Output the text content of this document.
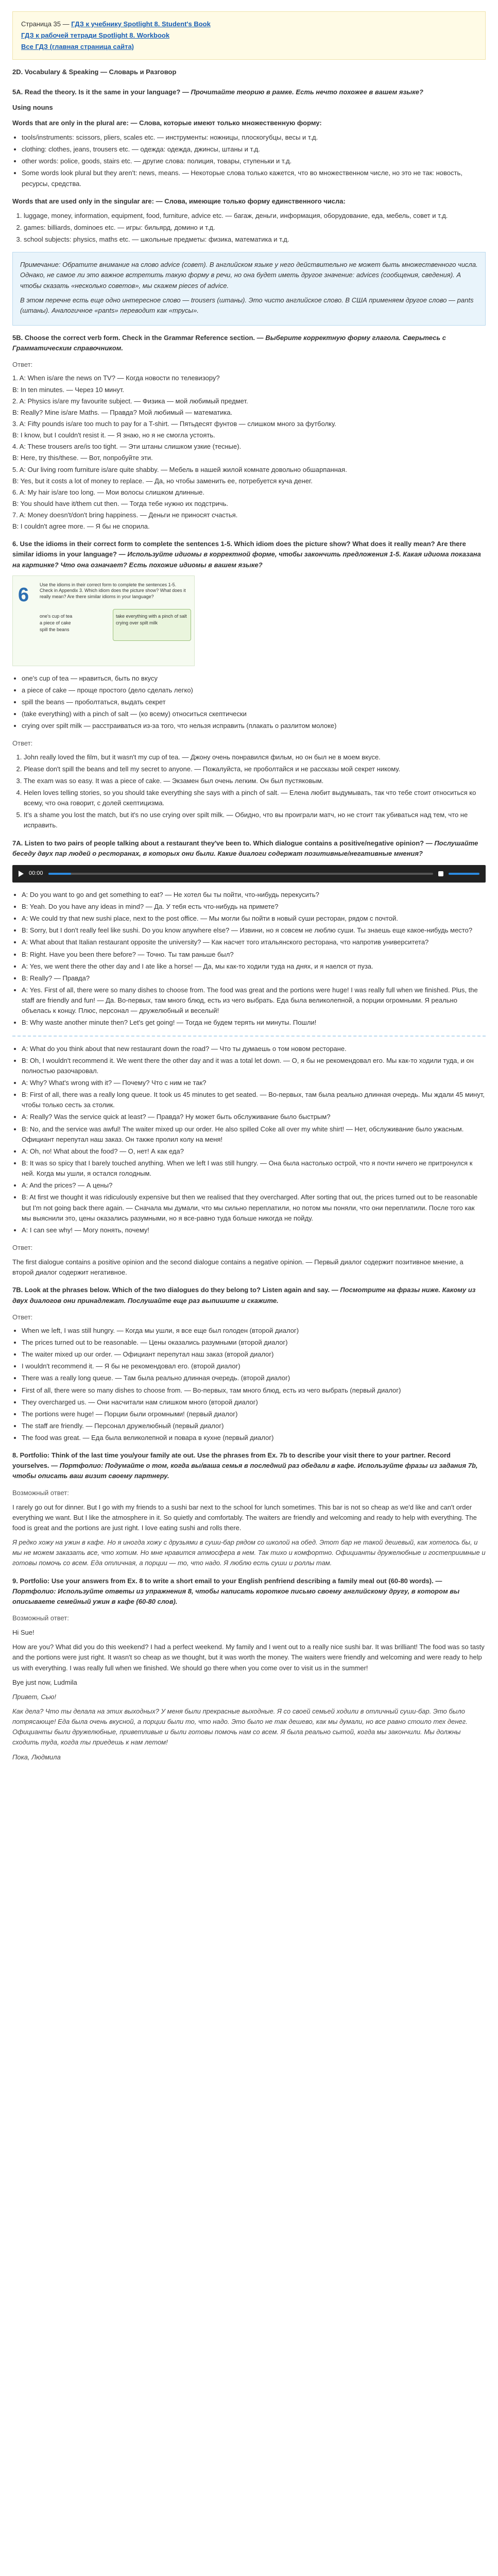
Страница 35 — ГДЗ к учебнику Spotlight 8. Student's Book
ГДЗ к рабочей тетради Spotlight 8. Workbook
Все ГДЗ (главная страница сайта)
2D. Vocabulary & Speaking — Словарь и Разговор
5A. Read the theory. Is it the same in your language? — Прочитайте теорию в рамке. Есть нечто похожее в вашем языке?
Using nouns
Words that are only in the plural are: — Слова, которые имеют только множественную форму:
• tools/instruments: scissors, pliers, scales etc. — инструменты: ножницы, плоскогубцы, весы и т.д.
• clothing: clothes, jeans, trousers etc. — одежда: одежда, джинсы, штаны и т.д.
• other words: police, goods, stairs etc. — другие слова: полиция, товары, ступеньки и т.д.
• Some words look plural but they aren't: news, means. — Некоторые слова только кажется, что во множественном числе, но это не так: новость, ресурсы, средства.
Words that are used only in the singular are: — Слова, имеющие только форму единственного числа:
1. luggage, money, information, equipment, food, furniture, advice etc. — багаж, деньги, информация, оборудование, еда, мебель, совет и т.д.
2. games: billiards, dominoes etc. — игры: бильярд, домино и т.д.
3. school subjects: physics, maths etc. — школьные предметы: физика, математика и т.д.

Примечание: Обратите внимание на слово advice (совет). В английском языке у него действительно не может быть множественного числа. Однако, не самое ли это важное встретить такую форму в речи, но она будет иметь другое значение: advices (сообщения, сведения). А чтобы сказать «несколько советов», мы скажем pieces of advice.

В этом перечне есть еще одно интересное слово — trousers (штаны). Это чисто английское слово. В США применяем другое слово — pants (штаны). Аналогичное «pants» переводит как «трусы».

5B. Choose the correct verb form. Check in the Grammar Reference section. — Выберите корректную форму глагола. Сверьтесь с Грамматическим справочником.
Ответ:
1. A: When is/are the news on TV? — Когда новости по телевизору?
B: In ten minutes. — Через 10 минут.
2. A: Physics is/are my favourite subject. — Физика — мой любимый предмет.
B: Really? Mine is/are Maths. — Правда? Мой любимый — математика.
3. A: Fifty pounds is/are too much to pay for a T-shirt. — Пятьдесят фунтов — слишком много за футболку.
B: I know, but I couldn't resist it. — Я знаю, но я не смогла устоять.
4. A: These trousers are/is too tight. — Эти штаны слишком узкие (тесные).
B: Here, try this/these. — Вот, попробуйте эти.
5. A: Our living room furniture is/are quite shabby. — Мебель в нашей жилой комнате довольно обшарпанная.
B: Yes, but it costs a lot of money to replace. — Да, но чтобы заменить ее, потребуется куча денег.
6. A: My hair is/are too long. — Мои волосы слишком длинные.
B: You should have it/them cut then. — Тогда тебе нужно их подстричь.
7. A: Money doesn't/don't bring happiness. — Деньги не приносят счастья.
B: I couldn't agree more. — Я бы не спорила.
6. Use the idioms in their correct form to complete the sentences 1-5. Which idiom does the picture show? What does it really mean? Are there similar idioms in your language? — Используйте идиомы в корректной форме, чтобы закончить предложения 1-5. Какая идиома показана на картинке? Что она означает? Есть похожие идиомы в вашем языке?
6 Use the idioms in their correct form to complete the sentences 1-5. Check in Appendix 3. Which idiom does the picture show? What does it really mean? Are there similar idioms in your language?
one's cup of tea
a piece of cake
spill the beans
take everything with a pinch of salt
crying over spilt milk
• one's cup of tea — нравиться, быть по вкусу
• a piece of cake — проще простого (дело сделать легко)
• spill the beans — проболтаться, выдать секрет
• (take everything) with a pinch of salt — (ко всему) относиться скептически
• crying over spilt milk — расстраиваться из-за того, что нельзя исправить (плакать о разлитом молоке)
Ответ:
1. John really loved the film, but it wasn't my cup of tea. — Джону очень понравился фильм, но он был не в моем вкусе.
2. Please don't spill the beans and tell my secret to anyone. — Пожалуйста, не проболтайся и не рассказы мой секрет никому.
3. The exam was so easy. It was a piece of cake. — Экзамен был очень легким. Он был пустяковым.
4. Helen loves telling stories, so you should take everything she says with a pinch of salt. — Елена любит выдумывать, так что тебе стоит относиться ко всему, что она говорит, с долей скептицизма.
5. It's a shame you lost the match, but it's no use crying over spilt milk. — Обидно, что вы проиграли матч, но не стоит так убиваться над тем, что не исправить.
7A. Listen to two pairs of people talking about a restaurant they've been to. Which dialogue contains a positive/negative opinion? — Послушайте беседу двух пар людей о ресторанах, в которых они были. Какие диалоги содержат позитивные/негативные мнения?
00:00
• A: Do you want to go and get something to eat? — Не хотел бы ты пойти, что-нибудь перекусить?
• B: Yeah. Do you have any ideas in mind? — Да. У тебя есть что-нибудь на примете?
• A: We could try that new sushi place, next to the post office. — Мы могли бы пойти в новый суши ресторан, рядом с почтой.
• B: Sorry, but I don't really feel like sushi. Do you know anywhere else? — Извини, но я совсем не люблю суши. Ты знаешь еще какое-нибудь место?
• A: What about that Italian restaurant opposite the university? — Как насчет того итальянского ресторана, что напротив университета?
• B: Right. Have you been there before? — Точно. Ты там раньше был?
• A: Yes, we went there the other day and I ate like a horse! — Да, мы как-то ходили туда на днях, и я наелся от пуза.
• B: Really? — Правда?
• A: Yes. First of all, there were so many dishes to choose from. The food was great and the portions were huge! I was really full when we finished. Plus, the staff are friendly and fun! — Да. Во-первых, там много блюд, есть из чего выбрать. Еда была великолепной, а порции огромными. Я реально объелась к концу. Плюс, персонал — дружелюбный и веселый!
• B: Why waste another minute then? Let's get going! — Тогда не будем терять ни минуты. Пошли!
• A: What do you think about that new restaurant down the road? — Что ты думаешь о том новом ресторане.
• B: Oh, I wouldn't recommend it. We went there the other day and it was a total let down. — О, я бы не рекомендовал его. Мы как-то ходили туда, и он полностью разочаровал.
• A: Why? What's wrong with it? — Почему? Что с ним не так?
• B: First of all, there was a really long queue. It took us 45 minutes to get seated. — Во-первых, там была реально длинная очередь. Мы ждали 45 минут, чтобы только сесть за столик.
• A: Really? Was the service quick at least? — Правда? Ну может быть обслуживание было быстрым?
• B: No, and the service was awful! The waiter mixed up our order. He also spilled Coke all over my white shirt! — Нет, обслуживание было ужасным. Официант перепутал наш заказ. Он также пролил колу на меня!
• A: Oh, no! What about the food? — О, нет! А как еда?
• B: It was so spicy that I barely touched anything. When we left I was still hungry. — Она была настолько острой, что я почти ничего не притронулся к ней. Когда мы ушли, я остался голодным.
• A: And the prices? — А цены?
• B: At first we thought it was ridiculously expensive but then we realised that they overcharged. After sorting that out, the prices turned out to be reasonable but I'm not going back there again. — Сначала мы думали, что мы сильно переплатили, но потом мы поняли, что они переплатили. После того как мы выяснили это, цены оказались разумными, но я все-равно туда больше никогда не пойду.
• A: I can see why! — Могу понять, почему!
Ответ:

The first dialogue contains a positive opinion and the second dialogue contains a negative opinion. — Первый диалог содержит позитивное мнение, а второй диалог содержит негативное.

7B. Look at the phrases below. Which of the two dialogues do they belong to? Listen again and say. — Посмотрите на фразы ниже. Какому из двух диалогов они принадлежат. Послушайте еще раз выпишите и скажите.
Ответ:
• When we left, I was still hungry. — Когда мы ушли, я все еще был голоден (второй диалог)
• The prices turned out to be reasonable. — Цены оказались разумными (второй диалог)
• The waiter mixed up our order. — Официант перепутал наш заказ (второй диалог)
• I wouldn't recommend it. — Я бы не рекомендовал его. (второй диалог)
• There was a really long queue. — Там была реально длинная очередь. (второй диалог)
• First of all, there were so many dishes to choose from. — Во-первых, там много блюд, есть из чего выбрать (первый диалог)
• They overcharged us. — Они насчитали нам слишком много (второй диалог)
• The portions were huge! — Порции были огромными! (первый диалог)
• The staff are friendly. — Персонал дружелюбный (первый диалог)
• The food was great. — Еда была великолепной и повара в кухне (первый диалог)
8. Portfolio: Think of the last time you/your family ate out. Use the phrases from Ex. 7b to describe your visit there to your partner. Record yourselves. — Портфолио: Подумайте о том, когда вы/ваша семья в последний раз обедали в кафе. Используйте фразы из задания 7b, чтобы описать ваш визит своему партнеру.
Возможный ответ:

I rarely go out for dinner. But I go with my friends to a sushi bar next to the school for lunch sometimes. This bar is not so cheap as we'd like and can't order everything we want. But I like the atmosphere in it. So quietly and comfortably. The waiters are friendly and welcoming and ready to help with everything. The food is great and the portions are just right. I love eating sushi and rolls there.

Я редко хожу на ужин в кафе. Но я иногда хожу с друзьями в суши-бар рядом со школой на обед. Этот бар не такой дешевый, как хотелось бы, и мы не можем заказать все, что хотим. Но мне нравится атмосфера в нем. Так тихо и комфортно. Официанты дружелюбные и гостеприимные и готовы помочь со всем. Еда отличная, а порции — то, что надо. Я люблю есть суши и роллы там.

9. Portfolio: Use your answers from Ex. 8 to write a short email to your English penfriend describing a family meal out (60-80 words). — Портфолио: Используйте ответы из упражнения 8, чтобы написать короткое письмо своему английскому другу, в котором вы описываете семейный ужин в кафе (60-80 слов).
Возможный ответ:

Hi Sue!

How are you? What did you do this weekend? I had a perfect weekend. My family and I went out to a really nice sushi bar. It was brilliant! The food was so tasty and the portions were just right. It wasn't so cheap as we thought, but it was worth the money. The waiters were friendly and welcoming and were ready to help us with everything. I was really full when we finished. We should go there when you come over to visit us in the summer!

Bye just now, Ludmila

Привет, Сью!

Как дела? Что ты делала на этих выходных? У меня были прекрасные выходные. Я со своей семьей ходили в отличный суши-бар. Это было потрясающе! Еда была очень вкусной, а порции были то, что надо. Это было не так дешево, как мы думали, но все равно стоило тех денег. Официанты были дружелюбные, приветливые и были готовы помочь нам со всем. Я была реально сытой, когда мы закончили. Мы должны сходить туда, когда ты приедешь к нам летом!

Пока, Людмила
